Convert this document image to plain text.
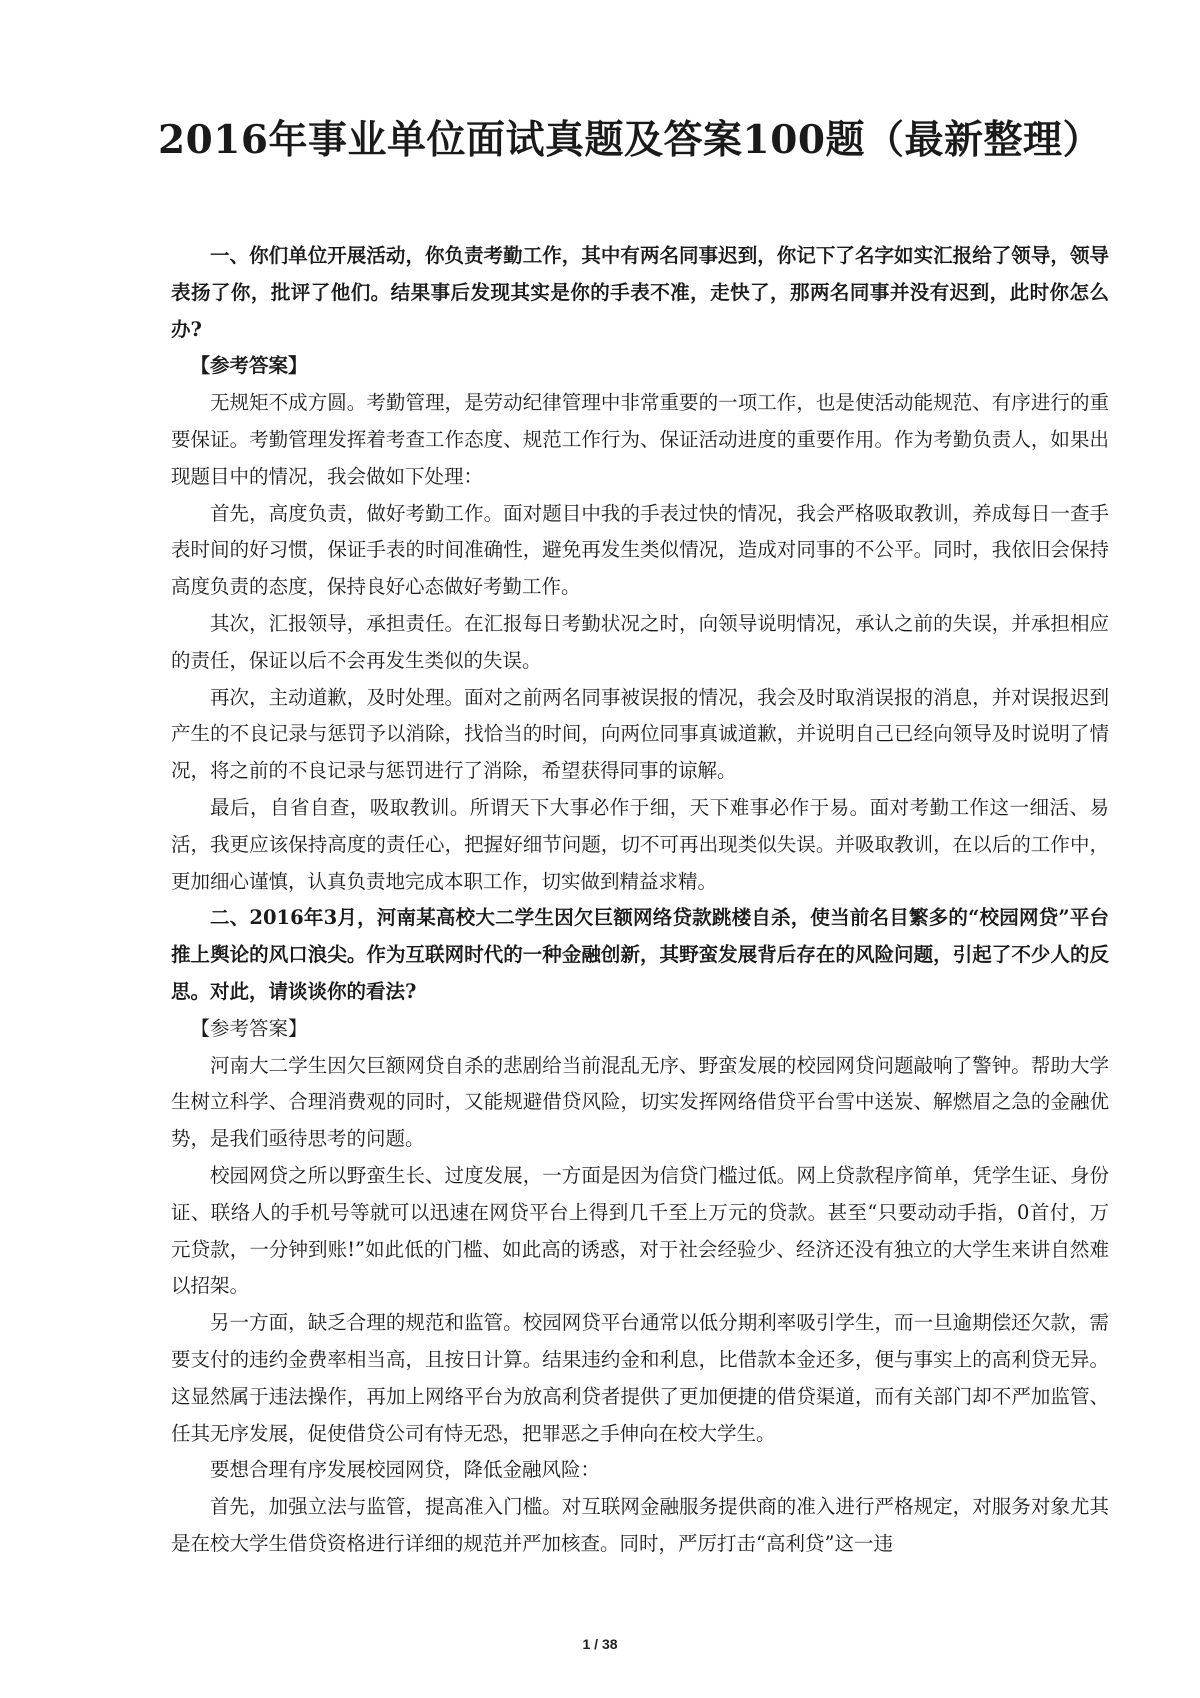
2016年事业单位面试真题及答案100题（最新整理）

一、你们单位开展活动，你负责考勤工作，其中有两名同事迟到，你记下了名字如实汇报给了领导，领导表扬了你，批评了他们。结果事后发现其实是你的手表不准，走快了，那两名同事并没有迟到，此时你怎么办?

【参考答案】

无规矩不成方圆。考勤管理，是劳动纪律管理中非常重要的一项工作，也是使活动能规范、有序进行的重要保证。考勤管理发挥着考查工作态度、规范工作行为、保证活动进度的重要作用。作为考勤负责人，如果出现题目中的情况，我会做如下处理：

首先，高度负责，做好考勤工作。面对题目中我的手表过快的情况，我会严格吸取教训，养成每日一查手表时间的好习惯，保证手表的时间准确性，避免再发生类似情况，造成对同事的不公平。同时，我依旧会保持高度负责的态度，保持良好心态做好考勤工作。

其次，汇报领导，承担责任。在汇报每日考勤状况之时，向领导说明情况，承认之前的失误，并承担相应的责任，保证以后不会再发生类似的失误。

再次，主动道歉，及时处理。面对之前两名同事被误报的情况，我会及时取消误报的消息，并对误报迟到产生的不良记录与惩罚予以消除，找恰当的时间，向两位同事真诚道歉，并说明自己已经向领导及时说明了情况，将之前的不良记录与惩罚进行了消除，希望获得同事的谅解。

最后，自省自查，吸取教训。所谓天下大事必作于细，天下难事必作于易。面对考勤工作这一细活、易活，我更应该保持高度的责任心，把握好细节问题，切不可再出现类似失误。并吸取教训，在以后的工作中，更加细心谨慎，认真负责地完成本职工作，切实做到精益求精。

二、2016年3月，河南某高校大二学生因欠巨额网络贷款跳楼自杀，使当前名目繁多的“校园网贷”平台推上舆论的风口浪尖。作为互联网时代的一种金融创新，其野蛮发展背后存在的风险问题，引起了不少人的反思。对此，请谈谈你的看法?

【参考答案】

河南大二学生因欠巨额网贷自杀的悲剧给当前混乱无序、野蛮发展的校园网贷问题敲响了警钟。帮助大学生树立科学、合理消费观的同时，又能规避借贷风险，切实发挥网络借贷平台雪中送炭、解燃眉之急的金融优势，是我们亟待思考的问题。

校园网贷之所以野蛮生长、过度发展，一方面是因为信贷门槛过低。网上贷款程序简单，凭学生证、身份证、联络人的手机号等就可以迅速在网贷平台上得到几千至上万元的贷款。甚至“只要动动手指，0首付，万元贷款，一分钟到账!”如此低的门槛、如此高的诱惑，对于社会经验少、经济还没有独立的大学生来讲自然难以招架。

另一方面，缺乏合理的规范和监管。校园网贷平台通常以低分期利率吸引学生，而一旦逾期偿还欠款，需要支付的违约金费率相当高，且按日计算。结果违约金和利息，比借款本金还多，便与事实上的高利贷无异。这显然属于违法操作，再加上网络平台为放高利贷者提供了更加便捷的借贷渠道，而有关部门却不严加监管、任其无序发展，促使借贷公司有恃无恐，把罪恶之手伸向在校大学生。

要想合理有序发展校园网贷，降低金融风险：

首先，加强立法与监管，提高准入门槛。对互联网金融服务提供商的准入进行严格规定，对服务对象尤其是在校大学生借贷资格进行详细的规范并严加核查。同时，严厉打击“高利贷”这一违

1 / 38
